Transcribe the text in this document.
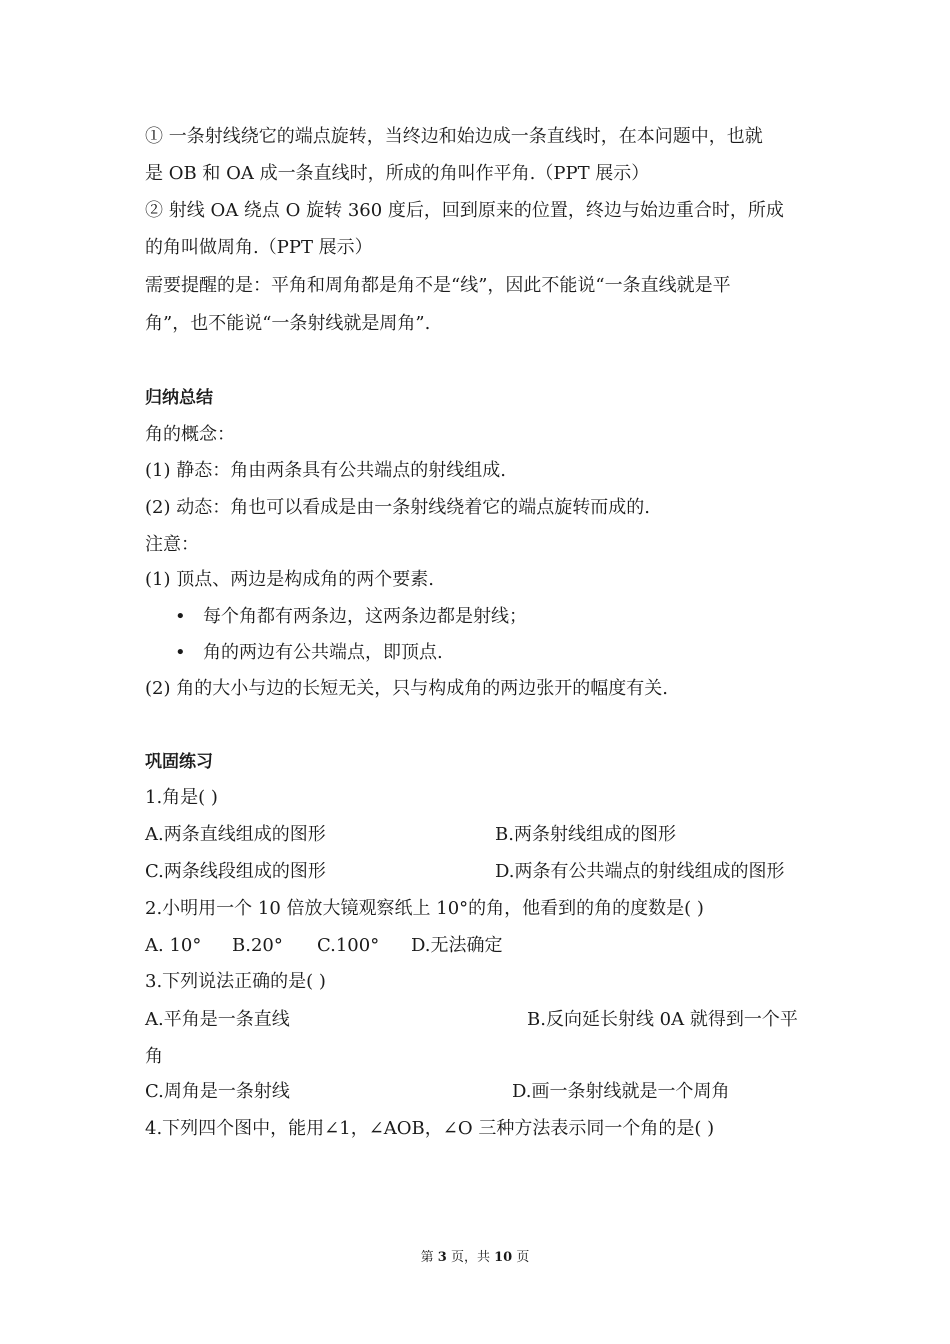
① 一条射线绕它的端点旋转，当终边和始边成一条直线时，在本问题中，也就
是 OB 和 OA 成一条直线时，所成的角叫作平角.（PPT 展示）
② 射线 OA 绕点 O 旋转 360 度后，回到原来的位置，终边与始边重合时，所成
的角叫做周角.（PPT 展示）
需要提醒的是：平角和周角都是角不是“线”，因此不能说“一条直线就是平
角”，也不能说“一条射线就是周角”.
归纳总结
角的概念：
(1) 静态：角由两条具有公共端点的射线组成.
(2) 动态：角也可以看成是由一条射线绕着它的端点旋转而成的.
注意：
(1) 顶点、两边是构成角的两个要素.
• 每个角都有两条边，这两条边都是射线；
• 角的两边有公共端点，即顶点.
(2) 角的大小与边的长短无关，只与构成角的两边张开的幅度有关.
巩固练习
1.角是( )
A.两条直线组成的图形	B.两条射线组成的图形
C.两条线段组成的图形	D.两条有公共端点的射线组成的图形
2.小明用一个 10 倍放大镜观察纸上 10°的角，他看到的角的度数是( )
A. 10° B.20° C.100° D.无法确定
3.下列说法正确的是( )
A.平角是一条直线	B.反向延长射线 0A 就得到一个平
角
C.周角是一条射线	D.画一条射线就是一个周角
4.下列四个图中，能用∠1，∠AOB，∠O 三种方法表示同一个角的是( )
第 3 页，共 10 页
